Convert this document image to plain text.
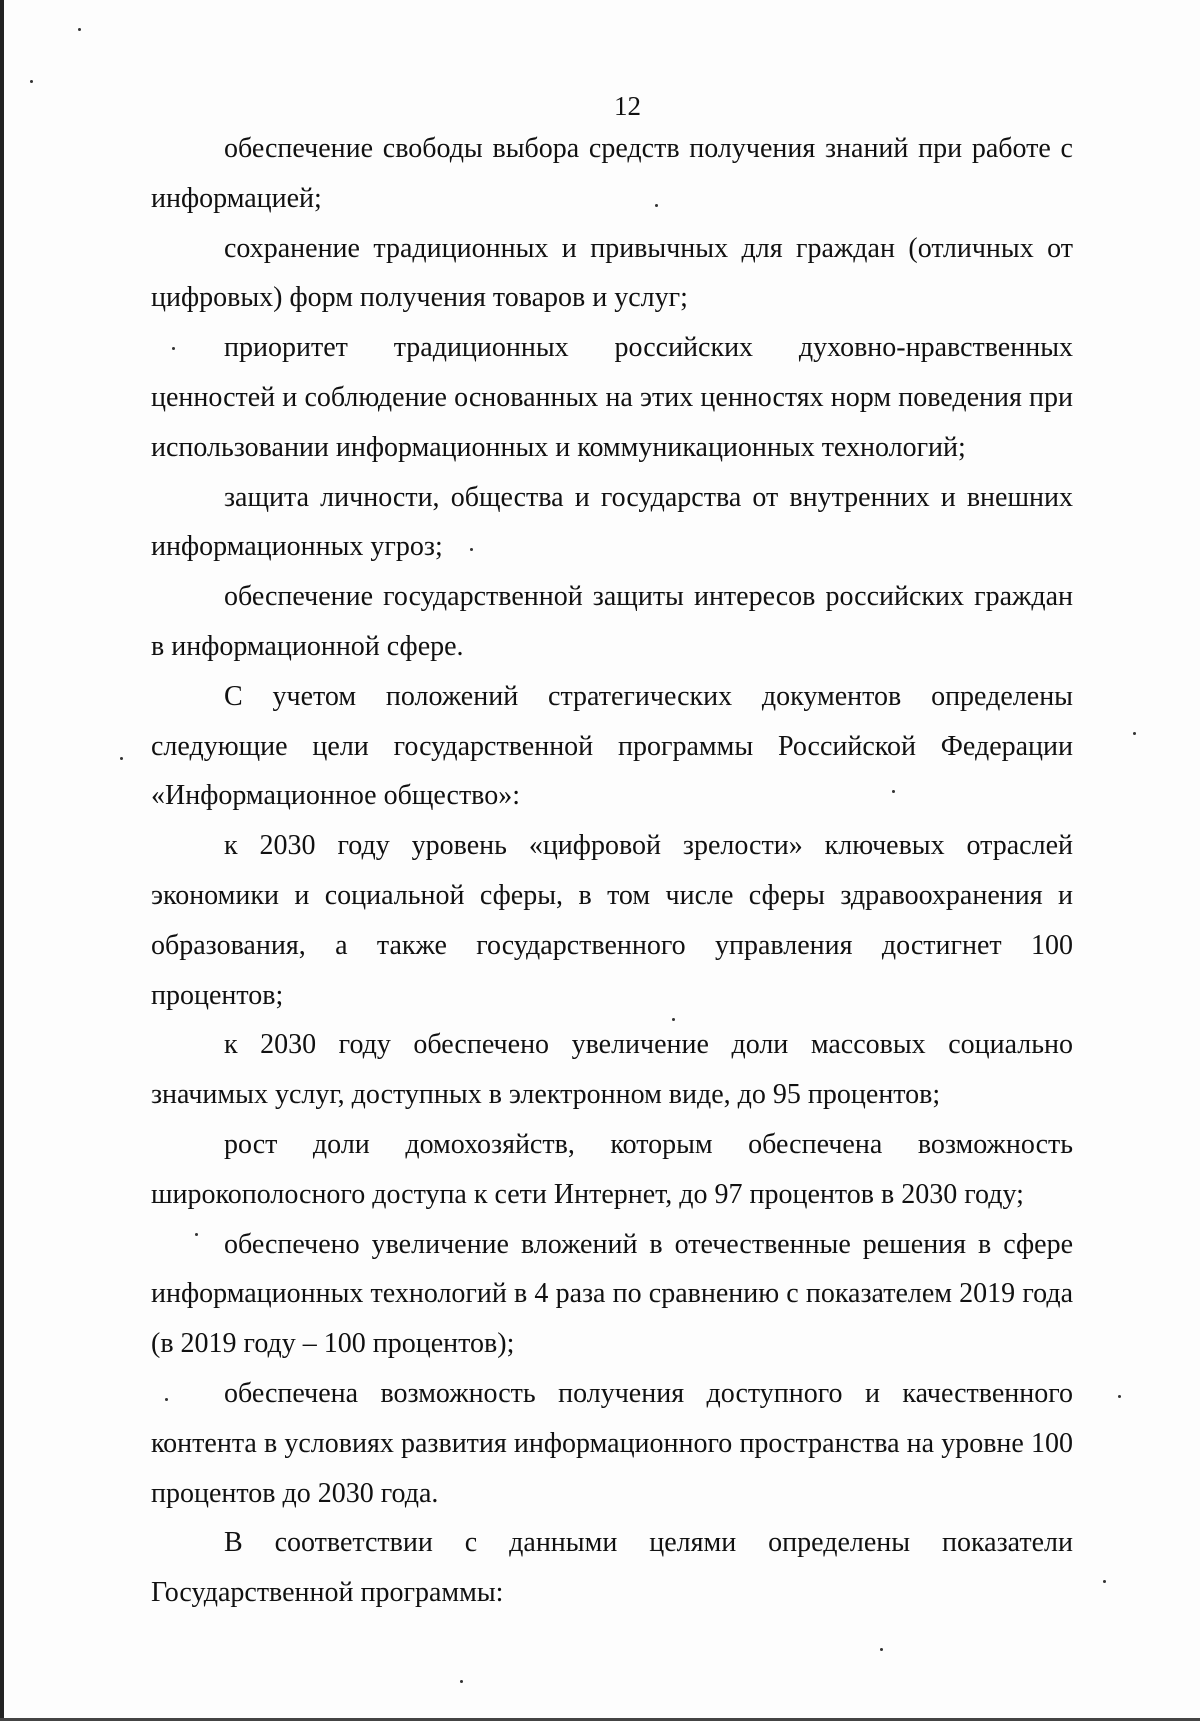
12

обеспечение свободы выбора средств получения знаний при работе с информацией;

сохранение традиционных и привычных для граждан (отличных от цифровых) форм получения товаров и услуг;

приоритет традиционных российских духовно-нравственных ценностей и соблюдение основанных на этих ценностях норм поведения при использовании информационных и коммуникационных технологий;

защита личности, общества и государства от внутренних и внешних информационных угроз;

обеспечение государственной защиты интересов российских граждан в информационной сфере.

С учетом положений стратегических документов определены следующие цели государственной программы Российской Федерации «Информационное общество»:

к 2030 году уровень «цифровой зрелости» ключевых отраслей экономики и социальной сферы, в том числе сферы здравоохранения и образования, а также государственного управления достигнет 100 процентов;

к 2030 году обеспечено увеличение доли массовых социально значимых услуг, доступных в электронном виде, до 95 процентов;

рост доли домохозяйств, которым обеспечена возможность широкополосного доступа к сети Интернет, до 97 процентов в 2030 году;

обеспечено увеличение вложений в отечественные решения в сфере информационных технологий в 4 раза по сравнению с показателем 2019 года (в 2019 году – 100 процентов);

обеспечена возможность получения доступного и качественного контента в условиях развития информационного пространства на уровне 100 процентов до 2030 года.

В соответствии с данными целями определены показатели Государственной программы:
